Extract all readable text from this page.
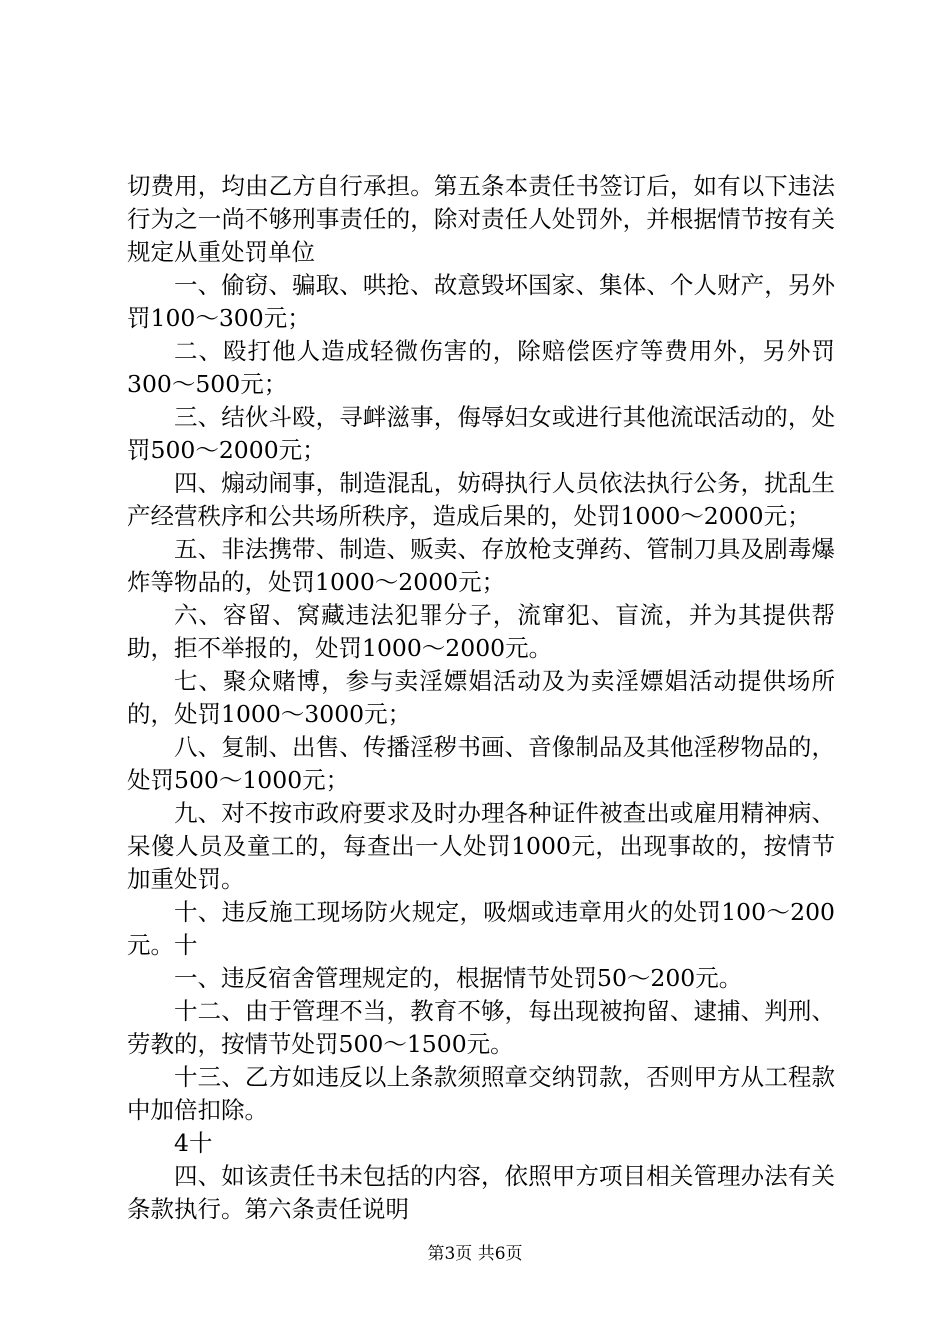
切费用，均由乙方自行承担。第五条本责任书签订后，如有以下违法行为之一尚不够刑事责任的，除对责任人处罚外，并根据情节按有关规定从重处罚单位

一、偷窃、骗取、哄抢、故意毁坏国家、集体、个人财产，另外罚100～300元；

二、殴打他人造成轻微伤害的，除赔偿医疗等费用外，另外罚300～500元；

三、结伙斗殴，寻衅滋事，侮辱妇女或进行其他流氓活动的，处罚500～2000元；

四、煽动闹事，制造混乱，妨碍执行人员依法执行公务，扰乱生产经营秩序和公共场所秩序，造成后果的，处罚1000～2000元；

五、非法携带、制造、贩卖、存放枪支弹药、管制刀具及剧毒爆炸等物品的，处罚1000～2000元；

六、容留、窝藏违法犯罪分子，流窜犯、盲流，并为其提供帮助，拒不举报的，处罚1000～2000元。

七、聚众赌博，参与卖淫嫖娼活动及为卖淫嫖娼活动提供场所的，处罚1000～3000元；

八、复制、出售、传播淫秽书画、音像制品及其他淫秽物品的，处罚500～1000元；

九、对不按市政府要求及时办理各种证件被查出或雇用精神病、呆傻人员及童工的，每查出一人处罚1000元，出现事故的，按情节加重处罚。

十、违反施工现场防火规定，吸烟或违章用火的处罚100～200元。十

一、违反宿舍管理规定的，根据情节处罚50～200元。

十二、由于管理不当，教育不够，每出现被拘留、逮捕、判刑、劳教的，按情节处罚500～1500元。

十三、乙方如违反以上条款须照章交纳罚款，否则甲方从工程款中加倍扣除。

4十

四、如该责任书未包括的内容，依照甲方项目相关管理办法有关条款执行。第六条责任说明

第3页 共6页
